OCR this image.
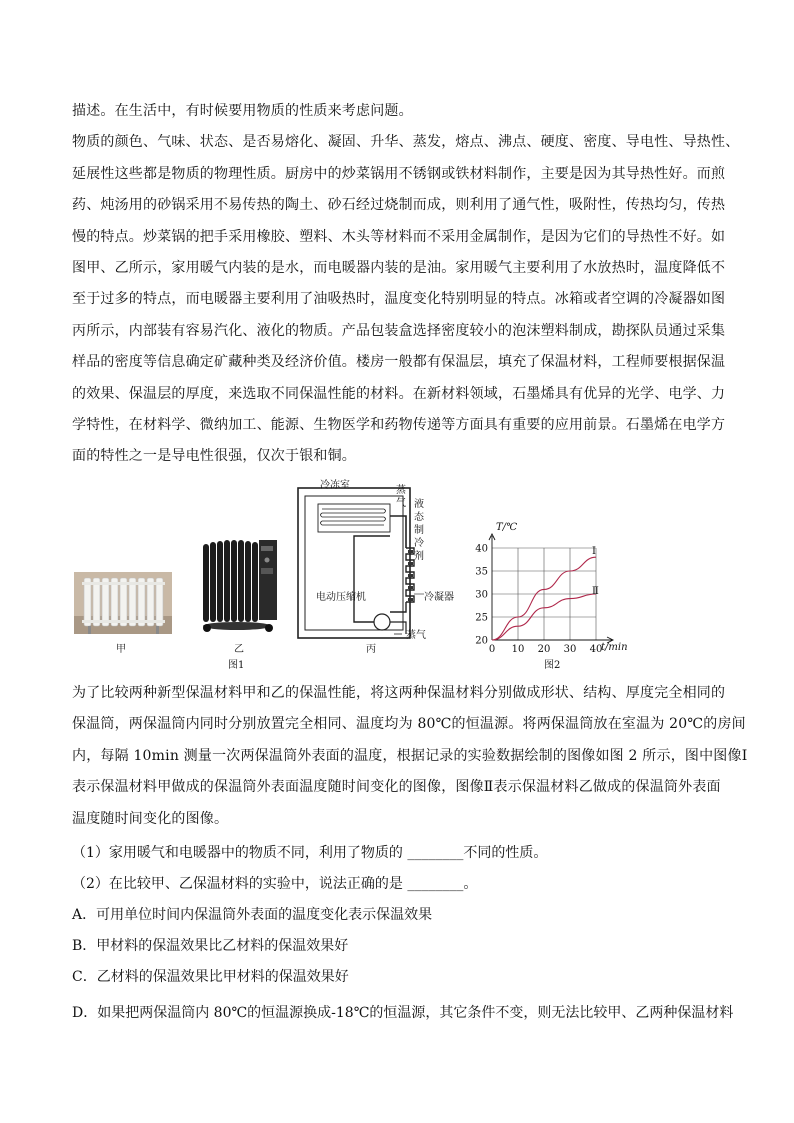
描述。在生活中，有时候要用物质的性质来考虑问题。
物质的颜色、气味、状态、是否易熔化、凝固、升华、蒸发，熔点、沸点、硬度、密度、导电性、导热性、
延展性这些都是物质的物理性质。厨房中的炒菜锅用不锈钢或铁材料制作，主要是因为其导热性好。而煎
药、炖汤用的砂锅采用不易传热的陶土、砂石经过烧制而成，则利用了通气性，吸附性，传热均匀，传热
慢的特点。炒菜锅的把手采用橡胶、塑料、木头等材料而不采用金属制作，是因为它们的导热性不好。如
图甲、乙所示，家用暖气内装的是水，而电暖器内装的是油。家用暖气主要利用了水放热时，温度降低不
至于过多的特点，而电暖器主要利用了油吸热时，温度变化特别明显的特点。冰箱或者空调的冷凝器如图
丙所示，内部装有容易汽化、液化的物质。产品包装盒选择密度较小的泡沫塑料制成，勘探队员通过采集
样品的密度等信息确定矿藏种类及经济价值。楼房一般都有保温层，填充了保温材料，工程师要根据保温
的效果、保温层的厚度，来选取不同保温性能的材料。在新材料领域，石墨烯具有优异的光学、电学、力
学特性，在材料学、微纳加工、能源、生物医学和药物传递等方面具有重要的应用前景。石墨烯在电学方
面的特性之一是导电性很强，仅次于银和铜。
甲	乙
冷冻室	蒸
气 液
态
制
冷
剂
电动压缩机	冷凝器
蒸气
丙
图1
40
35
30
25
20
0 10 20 30 40
T/℃
t/min
Ⅰ
Ⅱ
图2
为了比较两种新型保温材料甲和乙的保温性能，将这两种保温材料分别做成形状、结构、厚度完全相同的
保温筒，两保温筒内同时分别放置完全相同、温度均为 80℃的恒温源。将两保温筒放在室温为 20℃的房间
内，每隔 10min 测量一次两保温筒外表面的温度，根据记录的实验数据绘制的图像如图 2 所示，图中图像Ⅰ
表示保温材料甲做成的保温筒外表面温度随时间变化的图像，图像Ⅱ表示保温材料乙做成的保温筒外表面
温度随时间变化的图像。
（1）家用暖气和电暖器中的物质不同，利用了物质的 ________不同的性质。
（2）在比较甲、乙保温材料的实验中，说法正确的是 ________。
A．可用单位时间内保温筒外表面的温度变化表示保温效果
B．甲材料的保温效果比乙材料的保温效果好
C．乙材料的保温效果比甲材料的保温效果好
D．如果把两保温筒内 80℃的恒温源换成-18℃的恒温源，其它条件不变，则无法比较甲、乙两种保温材料
